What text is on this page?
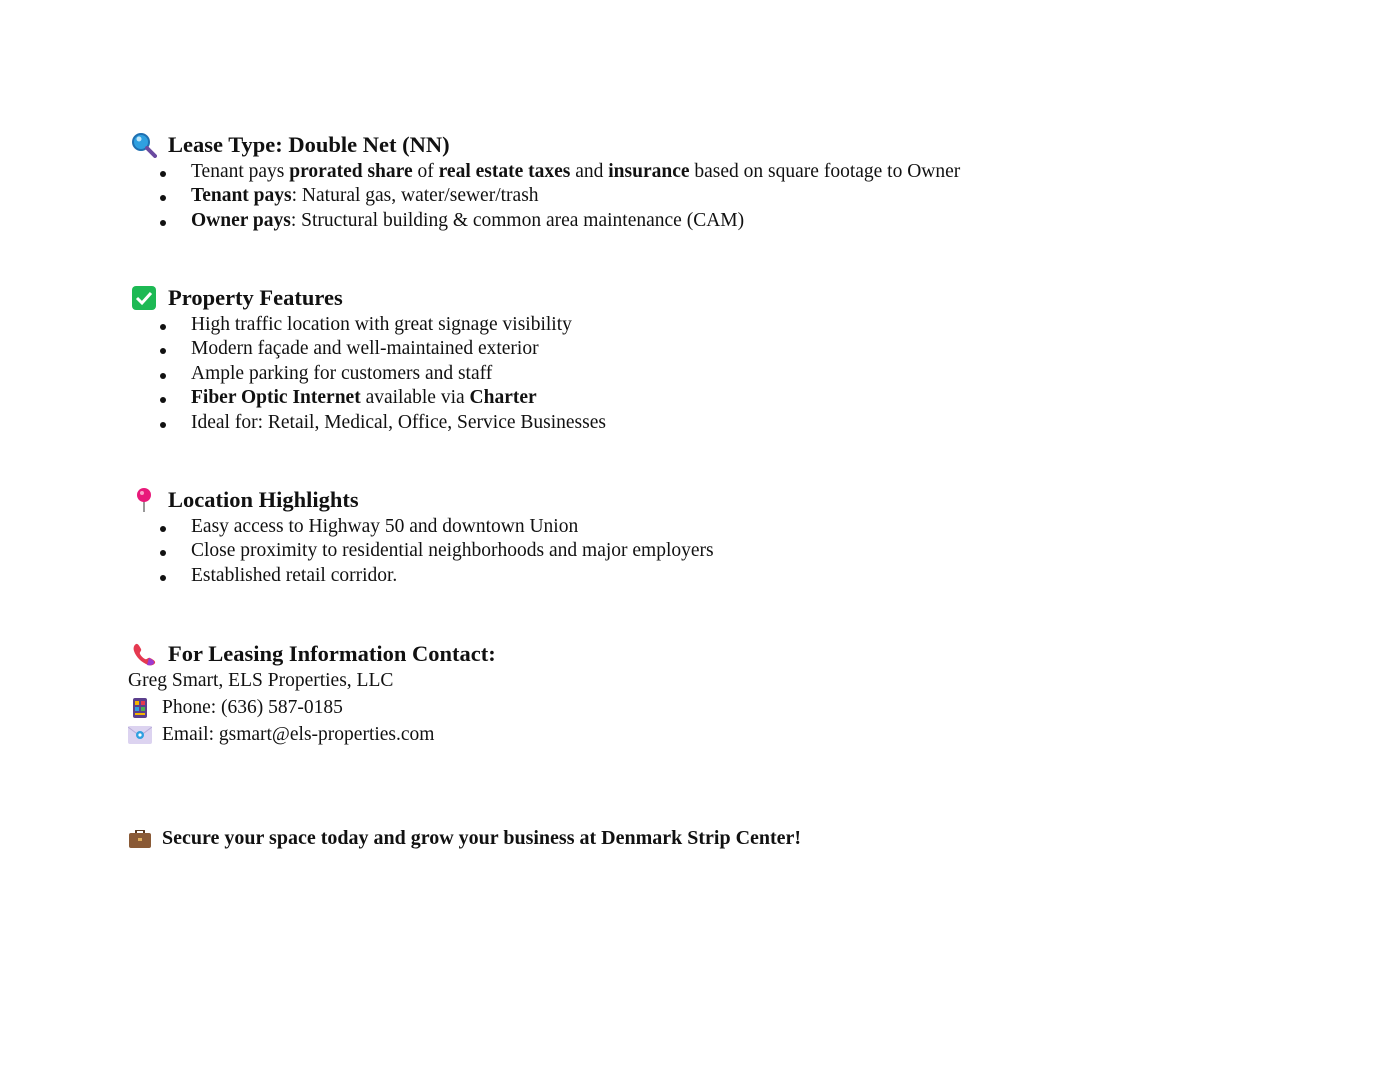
Lease Type: Double Net (NN)
Tenant pays prorated share of real estate taxes and insurance based on square footage to Owner
Tenant pays: Natural gas, water/sewer/trash
Owner pays: Structural building & common area maintenance (CAM)
Property Features
High traffic location with great signage visibility
Modern façade and well-maintained exterior
Ample parking for customers and staff
Fiber Optic Internet available via Charter
Ideal for: Retail, Medical, Office, Service Businesses
Location Highlights
Easy access to Highway 50 and downtown Union
Close proximity to residential neighborhoods and major employers
Established retail corridor.
For Leasing Information Contact:
Greg Smart, ELS Properties, LLC
Phone: (636) 587-0185
Email: gsmart@els-properties.com
Secure your space today and grow your business at Denmark Strip Center!
